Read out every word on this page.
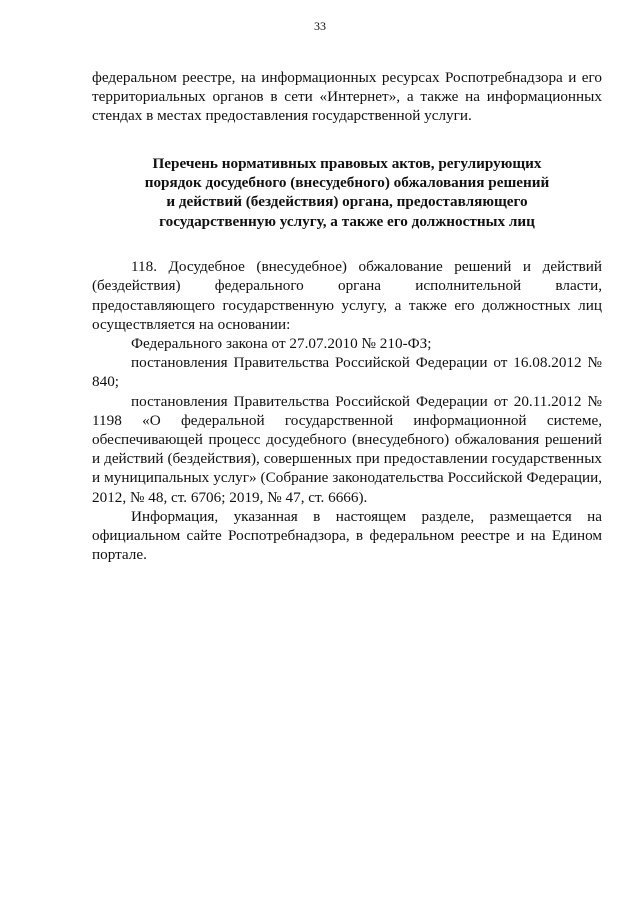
33

федеральном реестре, на информационных ресурсах Роспотребнадзора и его территориальных органов в сети «Интернет», а также на информационных стендах в местах предоставления государственной услуги.

Перечень нормативных правовых актов, регулирующих
порядок досудебного (внесудебного) обжалования решений
и действий (бездействия) органа, предоставляющего
государственную услугу, а также его должностных лиц

118. Досудебное (внесудебное) обжалование решений и действий (бездействия) федерального органа исполнительной власти, предоставляющего государственную услугу, а также его должностных лиц осуществляется на основании:

Федерального закона от 27.07.2010 № 210-ФЗ;

постановления Правительства Российской Федерации от 16.08.2012 № 840;

постановления Правительства Российской Федерации от 20.11.2012 № 1198 «О федеральной государственной информационной системе, обеспечивающей процесс досудебного (внесудебного) обжалования решений и действий (бездействия), совершенных при предоставлении государственных и муниципальных услуг» (Собрание законодательства Российской Федерации, 2012, № 48, ст. 6706; 2019, № 47, ст. 6666).

Информация, указанная в настоящем разделе, размещается на официальном сайте Роспотребнадзора, в федеральном реестре и на Едином портале.
